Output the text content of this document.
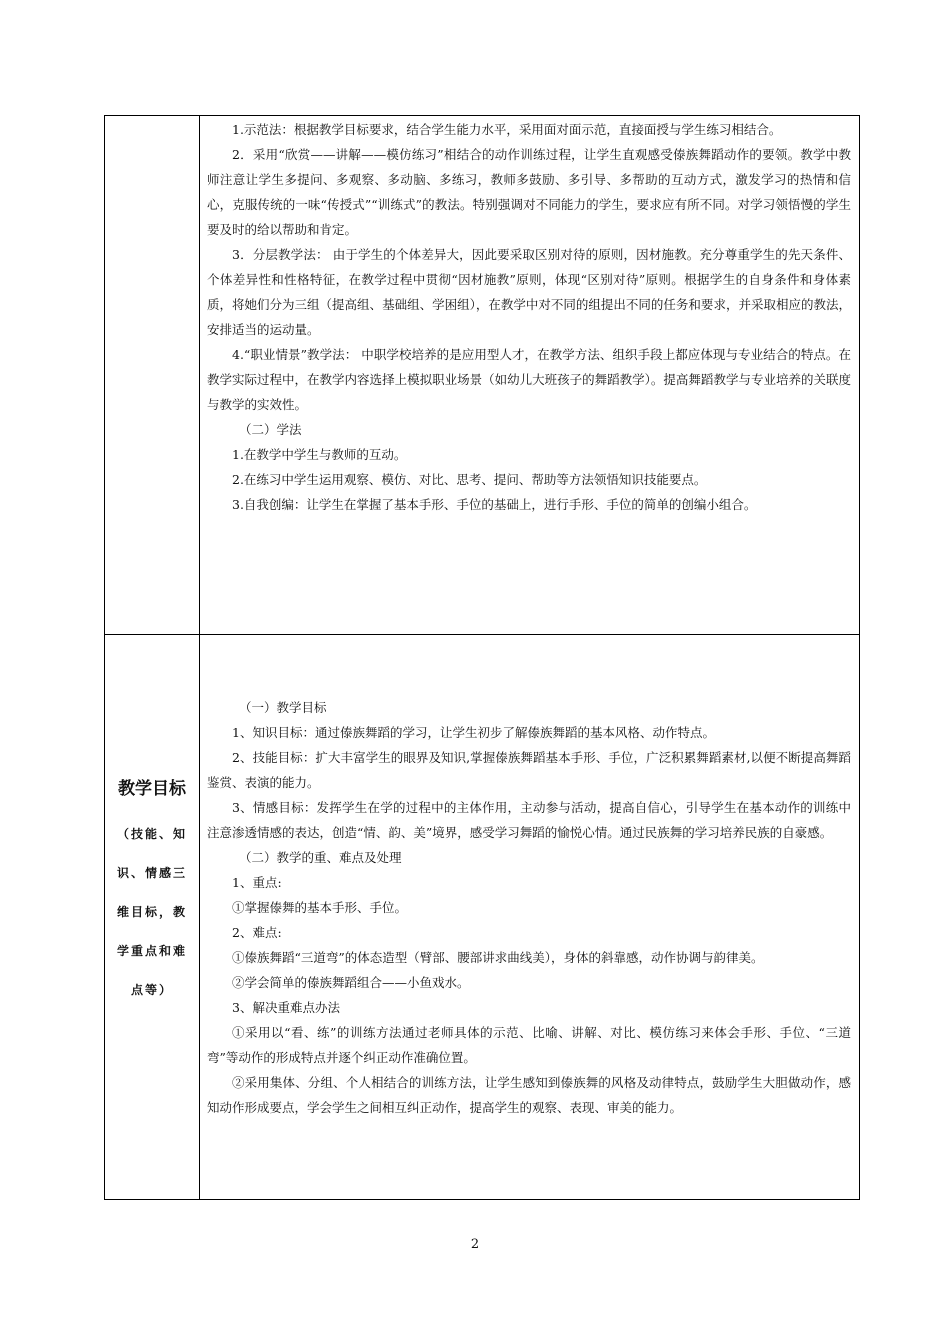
1.示范法：根据教学目标要求，结合学生能力水平，采用面对面示范，直接面授与学生练习相结合。

2．采用“欣赏——讲解——模仿练习”相结合的动作训练过程，让学生直观感受傣族舞蹈动作的要领。教学中教师注意让学生多提问、多观察、多动脑、多练习，教师多鼓励、多引导、多帮助的互动方式，激发学习的热情和信心，克服传统的一味“传授式”“训练式”的教法。特别强调对不同能力的学生，要求应有所不同。对学习领悟慢的学生要及时的给以帮助和肯定。

3．分层教学法： 由于学生的个体差异大，因此要采取区别对待的原则，因材施教。充分尊重学生的先天条件、个体差异性和性格特征，在教学过程中贯彻“因材施教”原则，体现“区别对待”原则。根据学生的自身条件和身体素质，将她们分为三组（提高组、基础组、学困组），在教学中对不同的组提出不同的任务和要求，并采取相应的教法，安排适当的运动量。

4.“职业情景”教学法： 中职学校培养的是应用型人才，在教学方法、组织手段上都应体现与专业结合的特点。在教学实际过程中，在教学内容选择上模拟职业场景（如幼儿大班孩子的舞蹈教学）。提高舞蹈教学与专业培养的关联度与教学的实效性。

（二）学法

1.在教学中学生与教师的互动。

2.在练习中学生运用观察、模仿、对比、思考、提问、帮助等方法领悟知识技能要点。

3.自我创编：让学生在掌握了基本手形、手位的基础上，进行手形、手位的简单的创编小组合。

教学目标
（技能、知
识、情感三
维目标，教
学重点和难
点等）

（一）教学目标

1、知识目标：通过傣族舞蹈的学习，让学生初步了解傣族舞蹈的基本风格、动作特点。

2、技能目标：扩大丰富学生的眼界及知识,掌握傣族舞蹈基本手形、手位，广泛积累舞蹈素材,以便不断提高舞蹈鉴赏、表演的能力。

3、情感目标：发挥学生在学的过程中的主体作用，主动参与活动，提高自信心，引导学生在基本动作的训练中注意渗透情感的表达，创造“情、韵、美”境界，感受学习舞蹈的愉悦心情。通过民族舞的学习培养民族的自豪感。

（二）教学的重、难点及处理

1、重点:

①掌握傣舞的基本手形、手位。

2、难点:

①傣族舞蹈“三道弯”的体态造型（臂部、腰部讲求曲线美），身体的斜靠感，动作协调与韵律美。

②学会简单的傣族舞蹈组合——小鱼戏水。

3、解决重难点办法

①采用以“看、练”的训练方法通过老师具体的示范、比喻、讲解、对比、模仿练习来体会手形、手位、“三道弯”等动作的形成特点并逐个纠正动作准确位置。

②采用集体、分组、个人相结合的训练方法，让学生感知到傣族舞的风格及动律特点，鼓励学生大胆做动作，感知动作形成要点，学会学生之间相互纠正动作，提高学生的观察、表现、审美的能力。

2
